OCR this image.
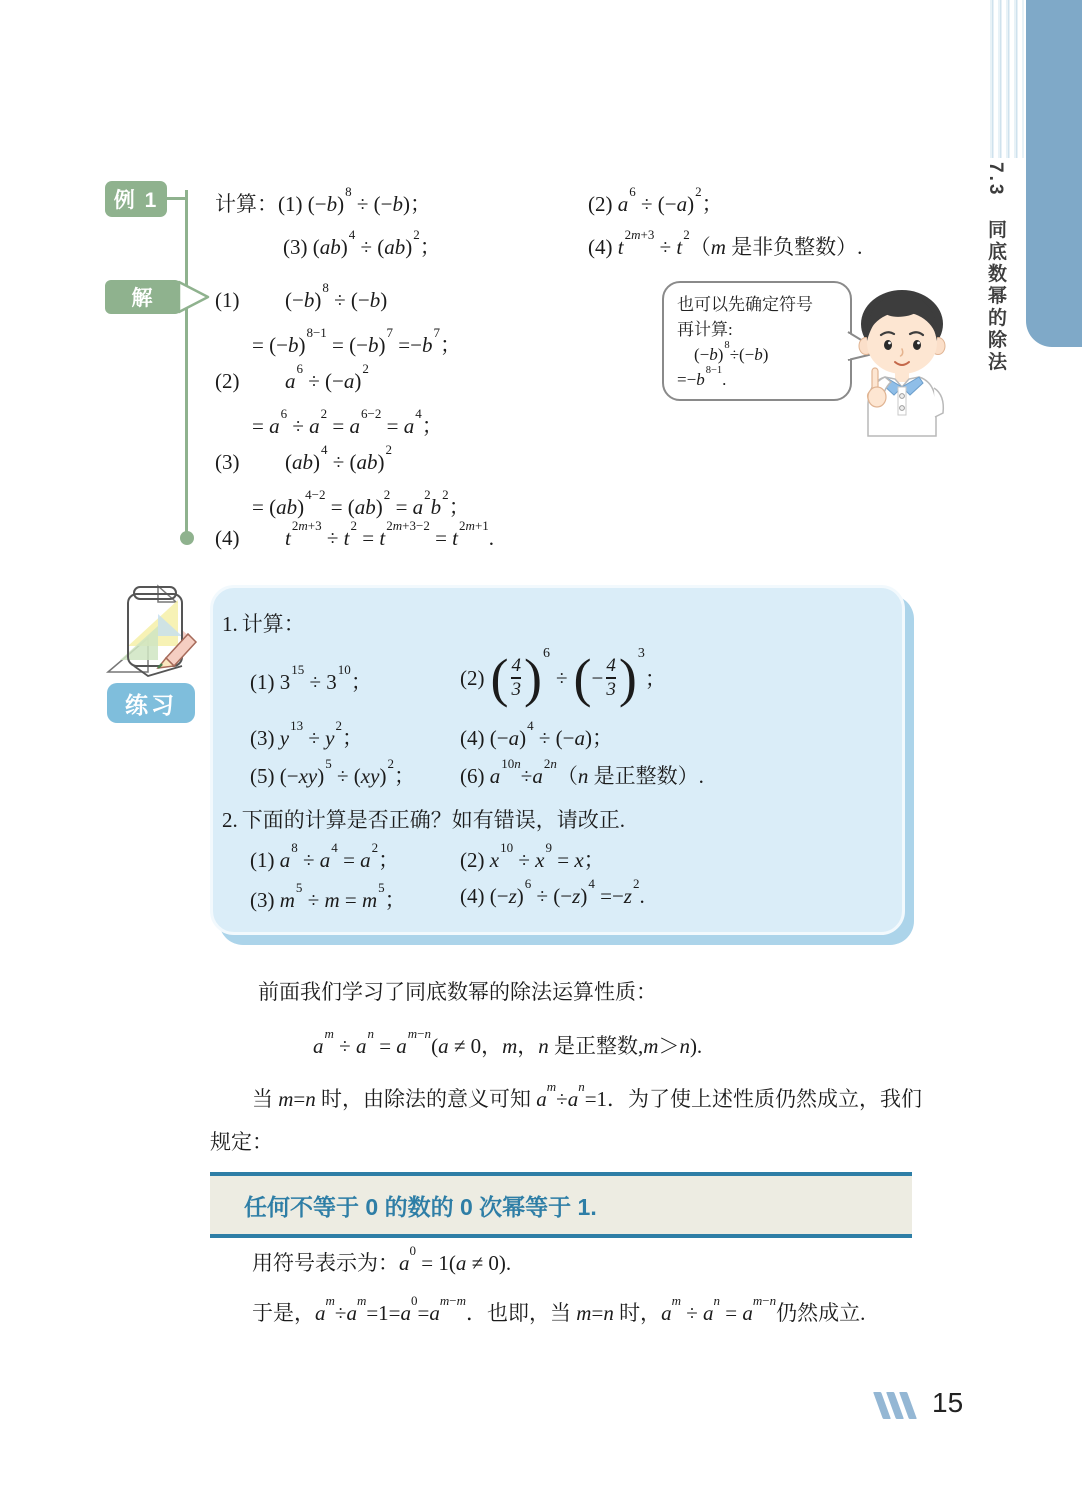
7.3　同底数幂的除法
例 1	计算：(1) $(-b)^8 \div (-b)$；	(2) $a^6 \div (-a)^2$；
(3) (ab)$^4$ ÷ (ab)$^2$；	(4) $t^{2m+3} \div t^2(m$ 是非负整数）.
解	(1) $(-b)^8 \div (-b)$
= $(-b)^{8-1} = (-b)^7 =-b^7$；
(2) $a^6 \div (-a)^2$
= $a^6 \div a^2 = a^{6-2} = a^4$；
(3) (ab)$^4$ ÷ (ab)$^2$
= $(ab)^{4-2} = (ab)^2 = a^2b^2$；
(4) $t^{2m+3} \div t^2 = t^{2m+3-2} = t^{2m+1}$.
也可以先确定符号
再计算:
　$(-b)^8\div(-b)$
$=-b^{8-1}$.
练习
1. 计算：
(1) $3^{15} \div 3^{10}$；	(2) ( $\frac{4}{3}$ ) 6
÷ ( − $\frac{4}{3}$ ) 3
；
(3) $y^{13} \div y^2$；	(4) $(-a)^4 \div (-a)$；
(5) $(-xy)^5 \div (xy)^2$； (6) $a^{10n}\div a^{2n}(n$ 是正整数）.
2. 下面的计算是否正确？如有错误，请改正.
(1) $a^8 \div a^4 = a^2$；	(2) $x^{10} \div x^9 = x$；
(3) $m^5 \div m = m^5$；	(4) $(-z)^6 \div (-z)^4 =-z^2$.
前面我们学习了同底数幂的除法运算性质：
$a^m \div a^n = a^{m-n}(a \ne 0$，m，n 是正整数,m＞n).
当 m=n 时，由除法的意义可知 $a^m\div a^n=1$．为了使上述性质仍然成立，我们规定：
任何不等于 0 的数的 0 次幂等于 1.
用符号表示为：$a^0 = 1(a \ne 0)$.
于是，$a^m\div a^m=1=a^0=a^{m-m}$．也即，当 m=n 时，$a^m \div a^n = a^{m-n}$仍然成立.
15
